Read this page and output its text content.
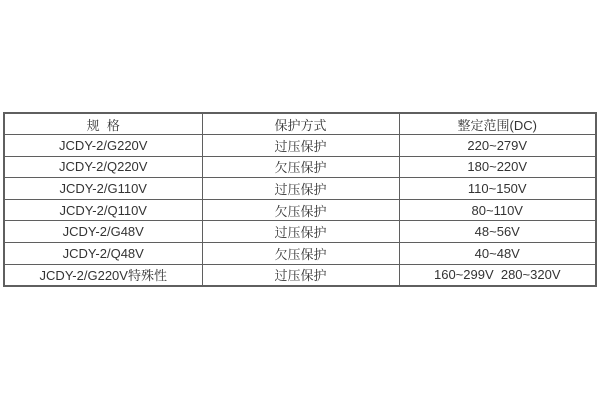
规  格	保护方式	整定范围(DC)
JCDY-2/G220V	过压保护	220~279V
JCDY-2/Q220V	欠压保护	180~220V
JCDY-2/G110V	过压保护	110~150V
JCDY-2/Q110V	欠压保护	80~110V
JCDY-2/G48V	过压保护	48~56V
JCDY-2/Q48V	欠压保护	40~48V
JCDY-2/G220V特殊性	过压保护	160~299V  280~320V
